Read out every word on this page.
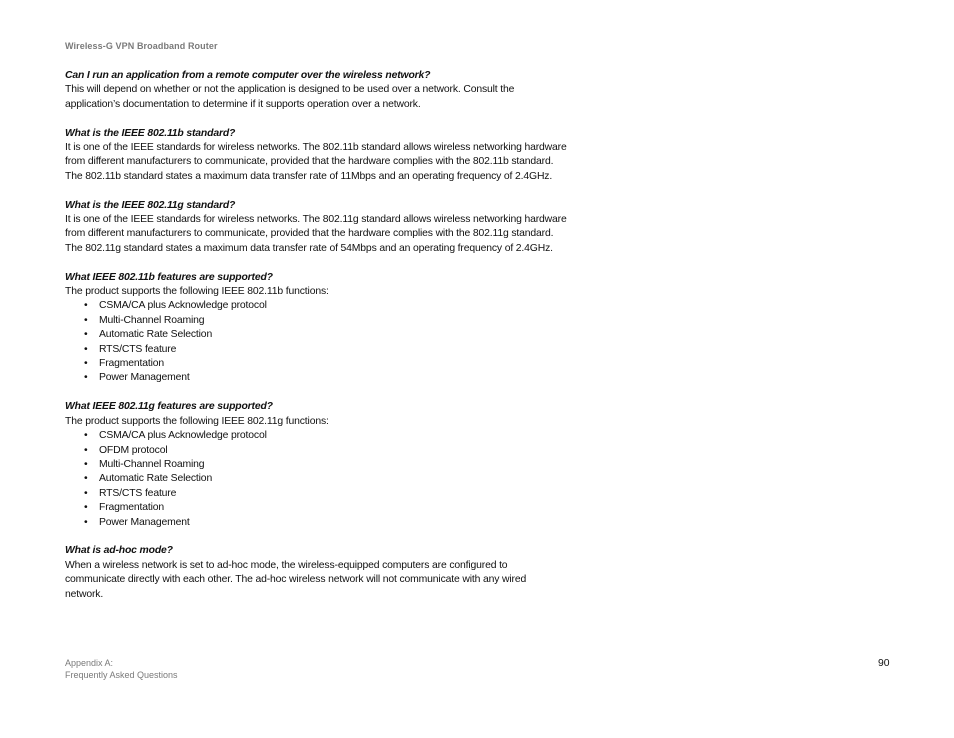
Wireless-G VPN Broadband Router

Can I run an application from a remote computer over the wireless network?

This will depend on whether or not the application is designed to be used over a network. Consult the
application’s documentation to determine if it supports operation over a network.

What is the IEEE 802.11b standard?

It is one of the IEEE standards for wireless networks. The 802.11b standard allows wireless networking hardware
from different manufacturers to communicate, provided that the hardware complies with the 802.11b standard.
The 802.11b standard states a maximum data transfer rate of 11Mbps and an operating frequency of 2.4GHz.

What is the IEEE 802.11g standard?

It is one of the IEEE standards for wireless networks. The 802.11g standard allows wireless networking hardware
from different manufacturers to communicate, provided that the hardware complies with the 802.11g standard.
The 802.11g standard states a maximum data transfer rate of 54Mbps and an operating frequency of 2.4GHz.

What IEEE 802.11b features are supported?

The product supports the following IEEE 802.11b functions:

• CSMA/CA plus Acknowledge protocol
• Multi-Channel Roaming
• Automatic Rate Selection
• RTS/CTS feature
• Fragmentation
• Power Management

What IEEE 802.11g features are supported?

The product supports the following IEEE 802.11g functions:

• CSMA/CA plus Acknowledge protocol
• OFDM protocol
• Multi-Channel Roaming
• Automatic Rate Selection
• RTS/CTS feature
• Fragmentation
• Power Management

What is ad-hoc mode?

When a wireless network is set to ad-hoc mode, the wireless-equipped computers are configured to
communicate directly with each other. The ad-hoc wireless network will not communicate with any wired
network.

Appendix A:
Frequently Asked Questions
90
